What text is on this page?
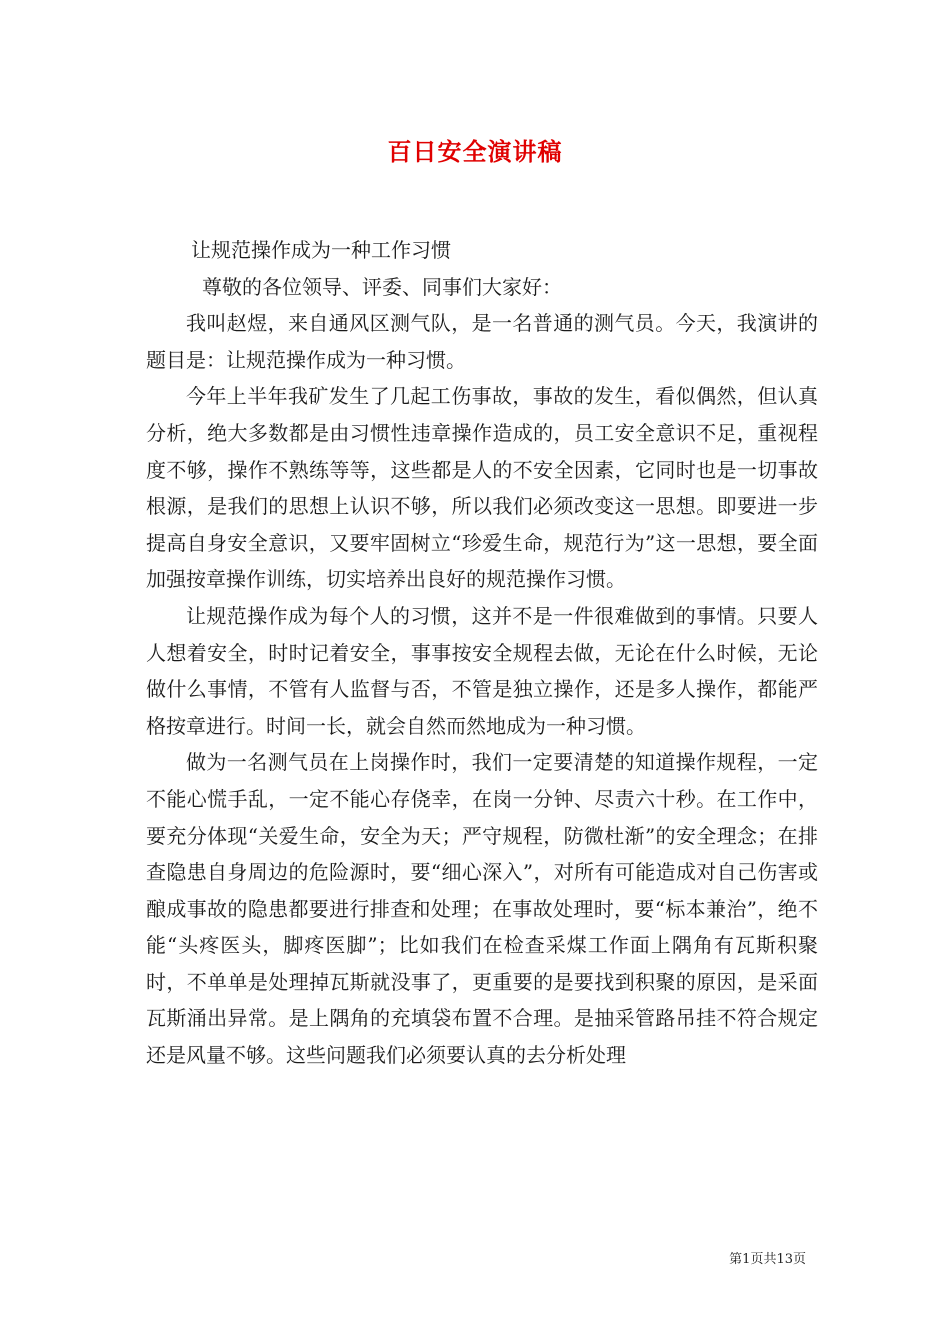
百日安全演讲稿

让规范操作成为一种工作习惯

尊敬的各位领导、评委、同事们大家好：

我叫赵煜，来自通风区测气队，是一名普通的测气员。今天，我演讲的题目是：让规范操作成为一种习惯。

今年上半年我矿发生了几起工伤事故，事故的发生，看似偶然，但认真分析，绝大多数都是由习惯性违章操作造成的，员工安全意识不足，重视程度不够，操作不熟练等等，这些都是人的不安全因素，它同时也是一切事故根源，是我们的思想上认识不够，所以我们必须改变这一思想。即要进一步提高自身安全意识，又要牢固树立“珍爱生命，规范行为”这一思想，要全面加强按章操作训练，切实培养出良好的规范操作习惯。

让规范操作成为每个人的习惯，这并不是一件很难做到的事情。只要人人想着安全，时时记着安全，事事按安全规程去做，无论在什么时候，无论做什么事情，不管有人监督与否，不管是独立操作，还是多人操作，都能严格按章进行。时间一长，就会自然而然地成为一种习惯。

做为一名测气员在上岗操作时，我们一定要清楚的知道操作规程，一定不能心慌手乱，一定不能心存侥幸，在岗一分钟、尽责六十秒。在工作中，要充分体现“关爱生命，安全为天；严守规程，防微杜渐”的安全理念；在排查隐患自身周边的危险源时，要“细心深入”，对所有可能造成对自己伤害或酿成事故的隐患都要进行排查和处理；在事故处理时，要“标本兼治”，绝不能“头疼医头，脚疼医脚”；比如我们在检查采煤工作面上隅角有瓦斯积聚时，不单单是处理掉瓦斯就没事了，更重要的是要找到积聚的原因，是采面瓦斯涌出异常。是上隅角的充填袋布置不合理。是抽采管路吊挂不符合规定还是风量不够。这些问题我们必须要认真的去分析处理

第1页共13页
